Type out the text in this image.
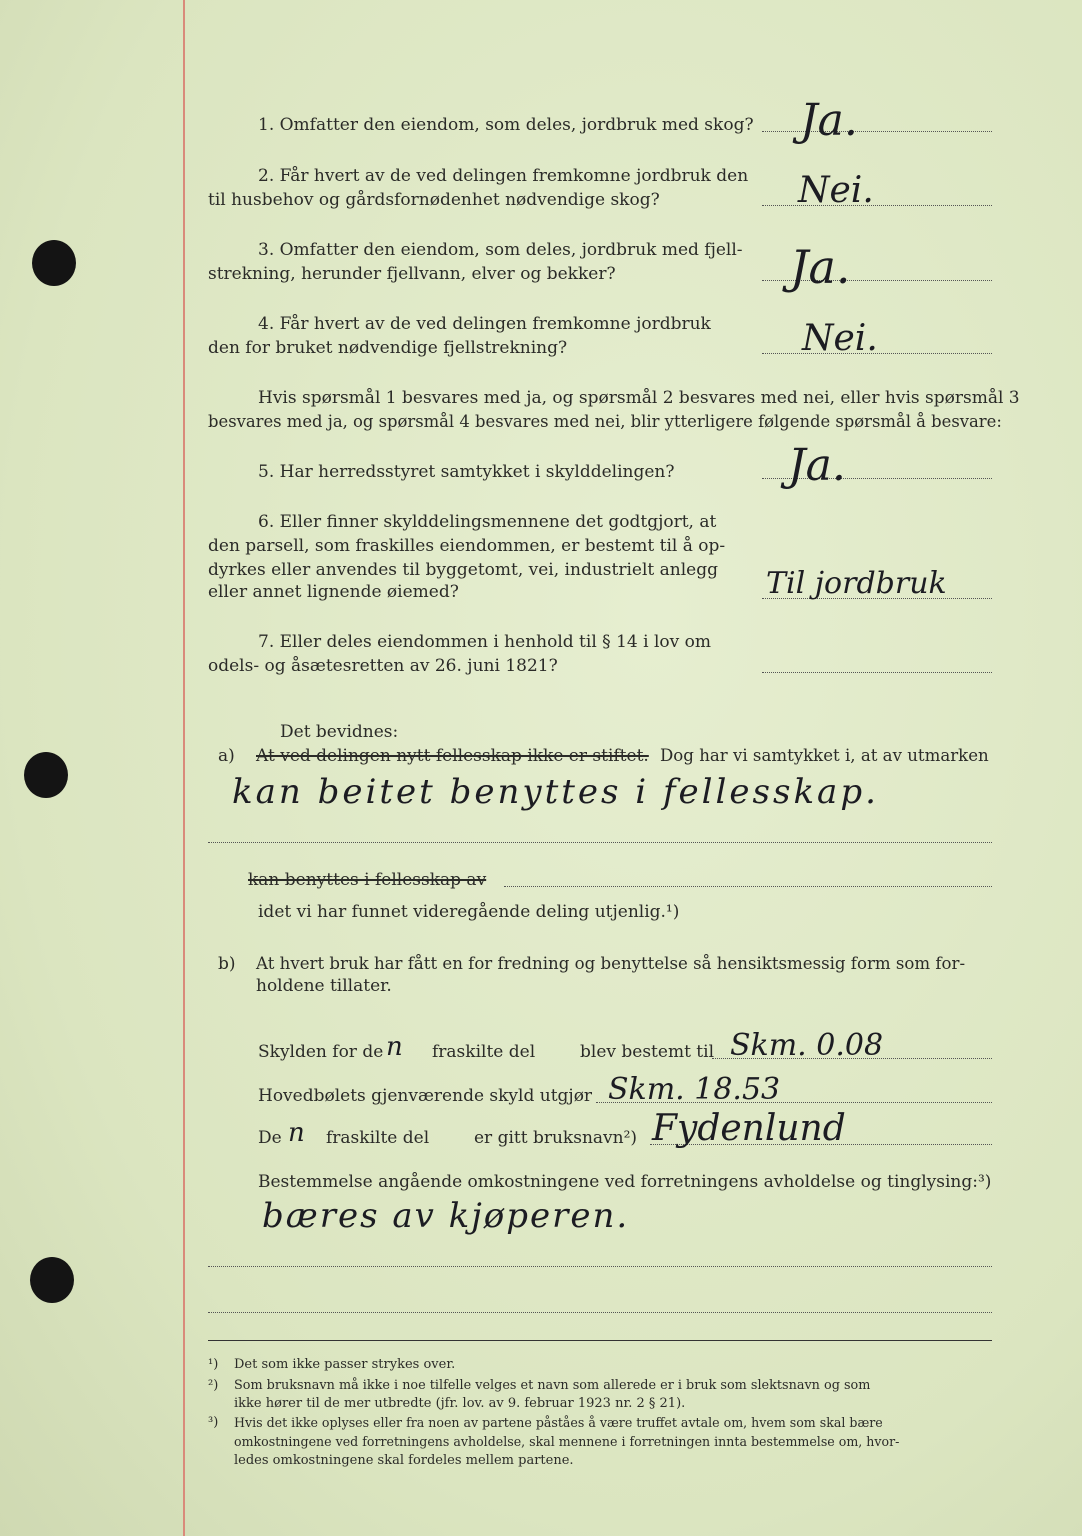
1. Omfatter den eiendom, som deles, jordbruk med skog? Ja.
2. Får hvert av de ved delingen fremkomne jordbruk den
til husbehov og gårdsfornødenhet nødvendige skog?	Nei.
3. Omfatter den eiendom, som deles, jordbruk med fjell-
strekning, herunder fjellvann, elver og bekker?	Ja.
4. Får hvert av de ved delingen fremkomne jordbruk
den for bruket nødvendige fjellstrekning?	Nei.
Hvis spørsmål 1 besvares med ja, og spørsmål 2 besvares med nei, eller hvis spørsmål 3
besvares med ja, og spørsmål 4 besvares med nei, blir ytterligere følgende spørsmål å besvare:
5. Har herredsstyret samtykket i skylddelingen?	Ja.
6. Eller finner skylddelingsmennene det godtgjort, at
den parsell, som fraskilles eiendommen, er bestemt til å op-
dyrkes eller anvendes til byggetomt, vei, industrielt anlegg
eller annet lignende øiemed?	Til jordbruk
7. Eller deles eiendommen i henhold til § 14 i lov om
odels- og åsætesretten av 26. juni 1821?
Det bevidnes:
a) At ved delingen nytt fellesskap ikke er stiftet. Dog har vi samtykket i, at av utmarken
kan beitet benyttes i fellesskap.
kan benyttes i fellesskap av
idet vi har funnet videregående deling utjenlig.¹)
b) At hvert bruk har fått en for fredning og benyttelse så hensiktsmessig form som for-
holdene tillater.
Skylden for de n fraskilte del	blev bestemt til Skm. 0.08
Hovedbølets gjenværende skyld utgjør Skm. 18.53
De n fraskilte del	er gitt bruksnavn²) Fydenlund
Bestemmelse angående omkostningene ved forretningens avholdelse og tinglysing:³)
bæres av kjøperen.
¹) Det som ikke passer strykes over.
²) Som bruksnavn må ikke i noe tilfelle velges et navn som allerede er i bruk som slektsnavn og som
ikke hører til de mer utbredte (jfr. lov. av 9. februar 1923 nr. 2 § 21).
³) Hvis det ikke oplyses eller fra noen av partene påståes å være truffet avtale om, hvem som skal bære
omkostningene ved forretningens avholdelse, skal mennene i forretningen innta bestemmelse om, hvor-
ledes omkostningene skal fordeles mellem partene.
